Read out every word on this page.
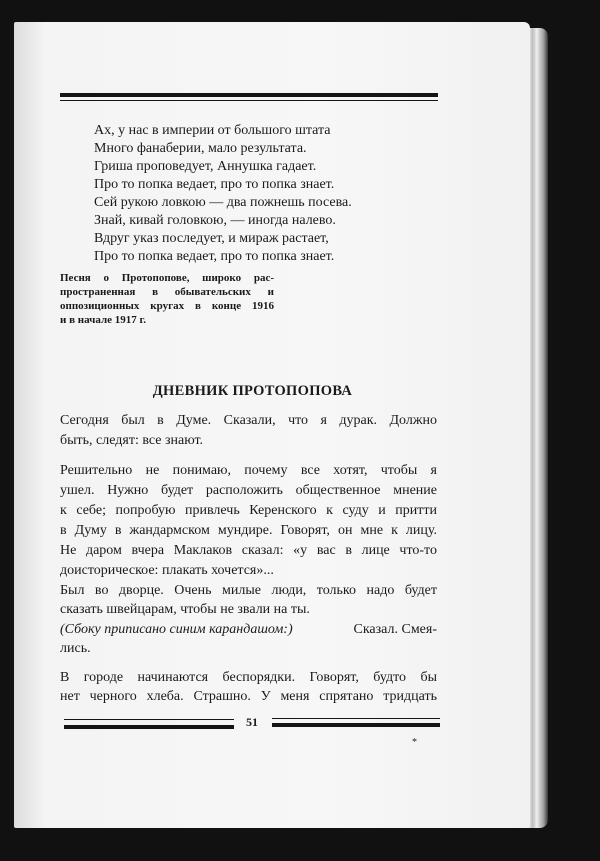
Ах, у нас в империи от большого штата
Много фанаберии, мало результата.
Гриша проповедует, Аннушка гадает.
Про то попка ведает, про то попка знает.
Сей рукою ловкою — два пожнешь посева.
Знай, кивай головкою, — иногда налево.
Вдруг указ последует, и мираж растает,
Про то попка ведает, про то попка знает.
Песня о Протопопове, широко рас-
пространенная в обывательских и
оппозиционных кругах в конце 1916
и в начале 1917 г.
ДНЕВНИК ПРОТОПОПОВА
Сегодня был в Думе. Сказали, что я дурак. Должно
быть, следят: все знают.
Решительно не понимаю, почему все хотят, чтобы я
ушел. Нужно будет расположить общественное мнение
к себе; попробую привлечь Керенского к суду и притти
в Думу в жандармском мундире. Говорят, он мне к лицу.
Не даром вчера Маклаков сказал: «у вас в лице что-то
доисторическое: плакать хочется»...
Был во дворце. Очень милые люди, только надо будет
сказать швейцарам, чтобы не звали на ты.
(Сбоку приписано синим карандашом:)	Сказал. Смея-
лись.
В городе начинаются беспорядки. Говорят, будто бы
нет черного хлеба. Страшно. У меня спрятано тридцать
51
*
